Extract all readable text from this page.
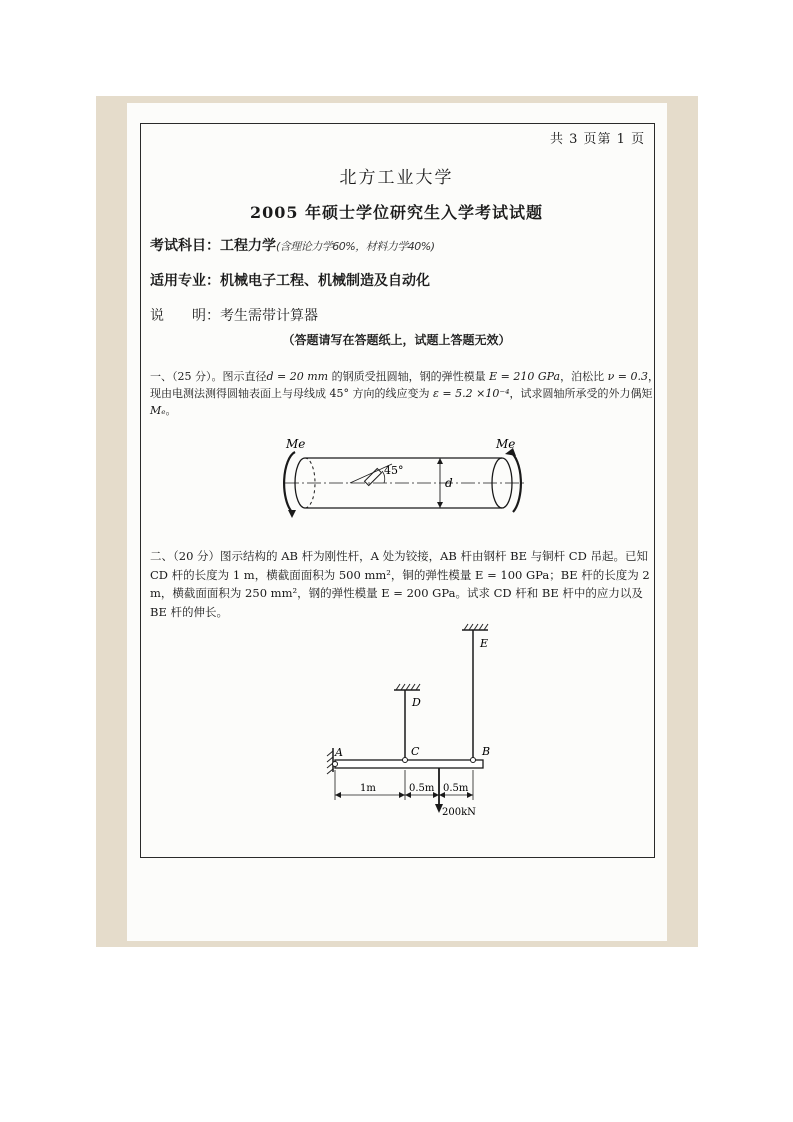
共 3 页第 1 页
北方工业大学
2005 年硕士学位研究生入学考试试题
考试科目：工程力学(含理论力学60%，材料力学40%)
适用专业：机械电子工程、机械制造及自动化
说　　明：考生需带计算器
（答题请写在答题纸上，试题上答题无效）
一、（25 分）。图示直径d = 20 mm 的钢质受扭圆轴，钢的弹性模量 E = 210 GPa，泊松比 ν = 0.3，现由电测法测得圆轴表面上与母线成 45° 方向的线应变为 ε = 5.2 ×10⁻⁴，试求圆轴所承受的外力偶矩 Mₑ。
Me	Me
45°
d
二、（20 分）图示结构的 AB 杆为刚性杆，A 处为铰接，AB 杆由钢杆 BE 与铜杆 CD 吊起。已知 CD 杆的长度为 1 m，横截面面积为 500 mm²，铜的弹性模量 E = 100 GPa；BE 杆的长度为 2 m，横截面面积为 250 mm²，钢的弹性模量 E = 200 GPa。试求 CD 杆和 BE 杆中的应力以及 BE 杆的伸长。
E
D
A	C	B
1m	0.5m 0.5m
200kN
